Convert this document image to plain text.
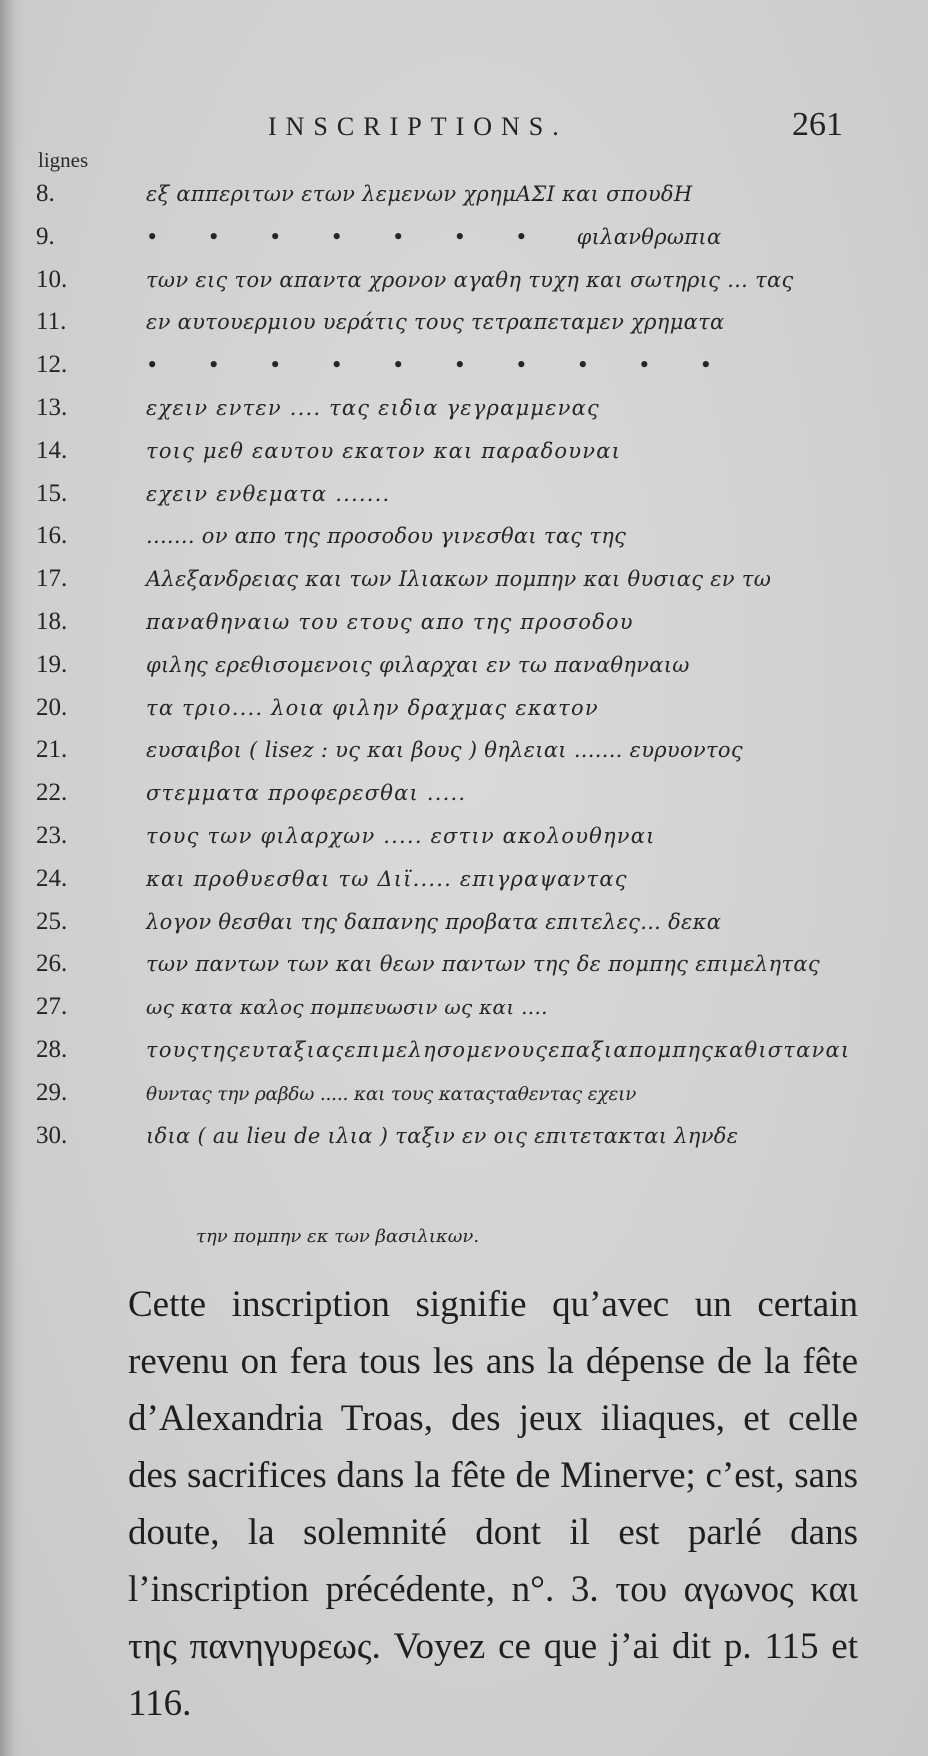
INSCRIPTIONS.	261
lignes
8.	εξ αππεριτων ετων λεμενων χρημΑΣΙ και σπουδΗ
9.	•       •       •       •       •       •       •       φιλανθρωπια
10.	των εις τον απαντα χρονον αγαθη τυχη και σωτηρις ... τας
11.	εν αυτουερμιου υεράτις τους τετραπεταμεν χρηματα
12.	•       •       •       •       •       •       •       •       •       •
13.	εχειν εντεν .... τας ειδια γεγραμμενας
14.	τοις μεθ εαυτου εκατον και παραδουναι
15.	εχειν ενθεματα .......
16.	....... ον απο της προσοδου γινεσθαι τας της
17.	Αλεξανδρειας και των Ιλιακων πομπην και θυσιας εν τω
18.	παναθηναιω του ετους απο της προσοδου
19.	φιλης ερεθισομενοις φιλαρχαι εν τω παναθηναιω
20.	τα τριο.... λοια φιλην δραχμας εκατον
21.	ευσαιβοι ( lisez : υς και βους ) θηλειαι ....... ευρυοντος
22.	στεμματα προφερεσθαι .....
23.	τους των φιλαρχων ..... εστιν ακολουθηναι
24.	και προθυεσθαι τω Διϊ..... επιγραψαντας
25.	λογον θεσθαι της δαπανης προβατα επιτελες... δεκα
26.	των παντων των και θεων παντων της δε πομπης επιμελητας
27.	ως κατα καλος πομπευωσιν ως και ....
28.	τουςτηςευταξιαςεπιμελησομενουςεπαξιαπομπηςκαθισταναι
29.	θυντας την ραβδω ..... και τους καταςταθεντας εχειν
30.	ιδια ( au lieu de ιλια ) ταξιν εν οις επιτετακται ληνδε
την πομπην εκ των βασιλικων.

Cette inscription signifie qu’avec un certain revenu on fera tous les ans la dépense de la fête d’Alexandria Troas, des jeux iliaques, et celle des sacrifices dans la fête de Minerve; c’est, sans doute, la solemnité dont il est parlé dans l’inscription précédente, n°. 3. του αγωνος και της πανηγυρεως. Voyez ce que j’ai dit p. 115 et 116.
